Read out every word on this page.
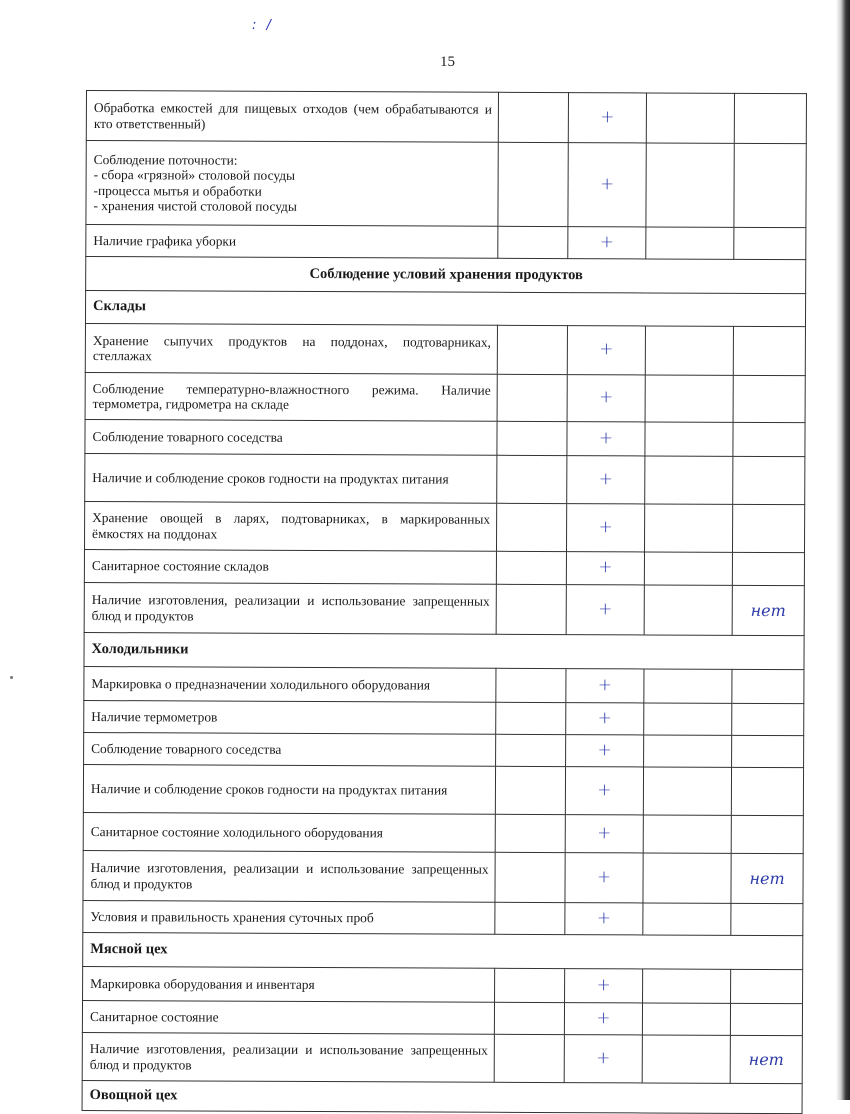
: /
15
Обработка емкостей для пищевых отходов (чем обрабатываются и кто ответственный)		+		

Соблюдение поточности:
- сбора «грязной» столовой посуды
-процесса мытья и обработки
- хранения чистой столовой посуды		+		
Наличие графика уборки		+		
Соблюдение условий хранения продуктов				
Склады				
Хранение сыпучих продуктов на поддонах, подтоварниках, стеллажах		+		
Соблюдение температурно-влажностного режима. Наличие термометра, гидрометра на складе		+		
Соблюдение товарного соседства		+		
Наличие и соблюдение сроков годности на продуктах питания		+		
Хранение овощей в ларях, подтоварниках, в маркированных ёмкостях на поддонах		+		
Санитарное состояние складов		+		
Наличие изготовления, реализации и использование запрещенных блюд и продуктов		+		нет
Холодильники				
Маркировка о предназначении холодильного оборудования		+		
Наличие термометров		+		
Соблюдение товарного соседства		+		
Наличие и соблюдение сроков годности на продуктах питания		+		
Санитарное состояние холодильного оборудования		+		
Наличие изготовления, реализации и использование запрещенных блюд и продуктов		+		нет
Условия и правильность хранения суточных проб		+		
Мясной цех				
Маркировка оборудования и инвентаря		+		
Санитарное состояние		+		
Наличие изготовления, реализации и использование запрещенных блюд и продуктов		+		нет
Овощной цех				
